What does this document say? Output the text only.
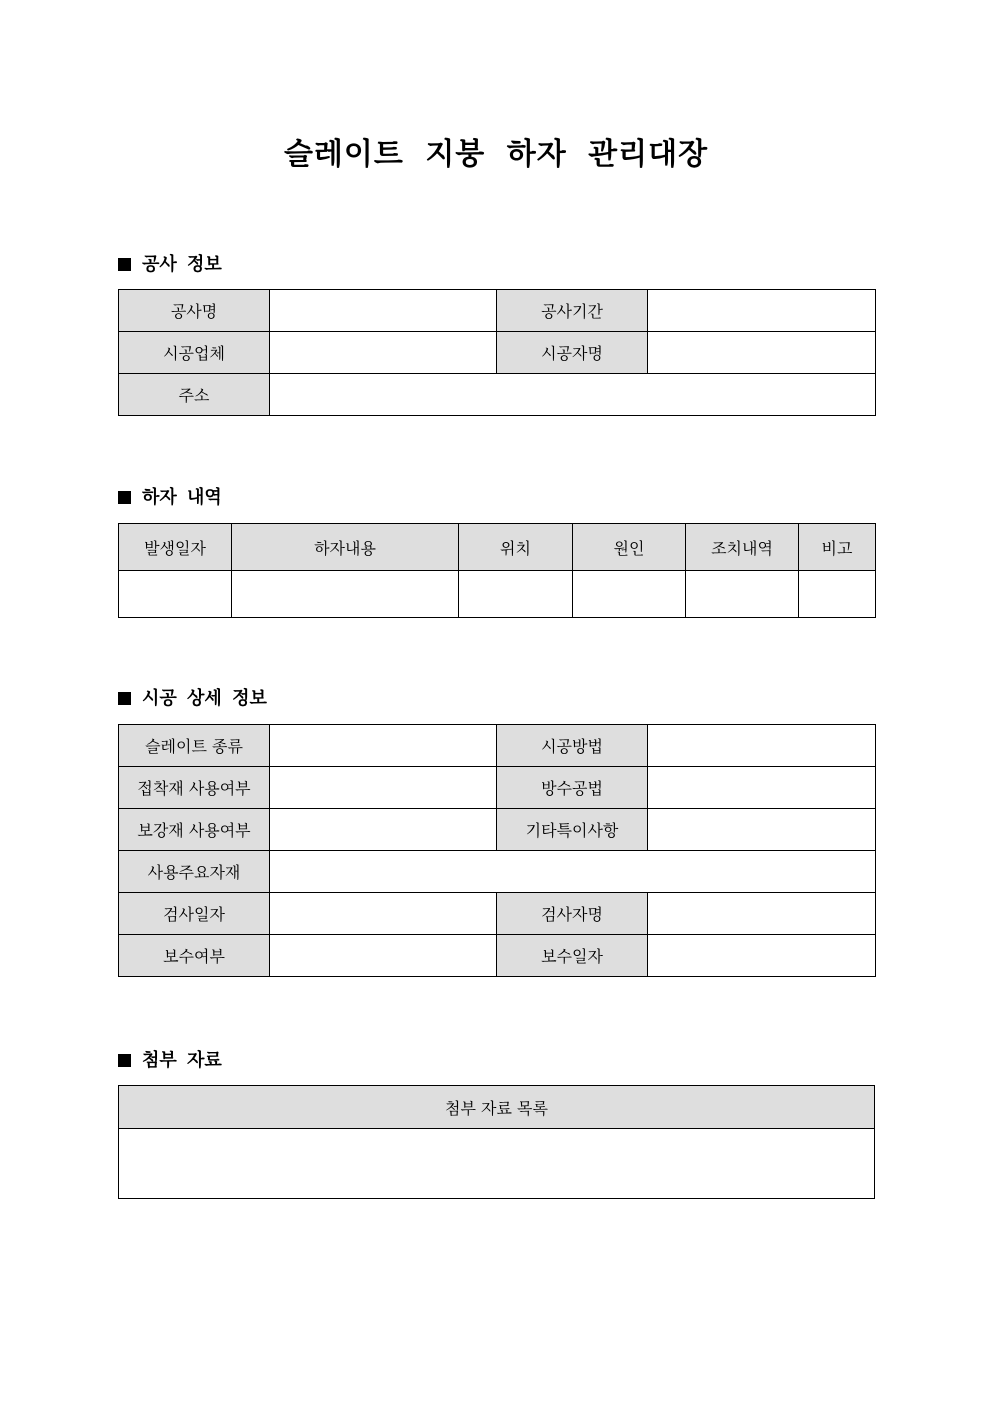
슬레이트 지붕 하자 관리대장
공사 정보
공사명		공사기간	
시공업체		시공자명	
주소			
하자 내역
발생일자	하자내용	위치	원인	조치내역	비고

시공 상세 정보
슬레이트 종류		시공방법	
접착재 사용여부		방수공법	
보강재 사용여부		기타특이사항	
사용주요자재			
검사일자		검사자명	
보수여부		보수일자	
첨부 자료
첨부 자료 목록
